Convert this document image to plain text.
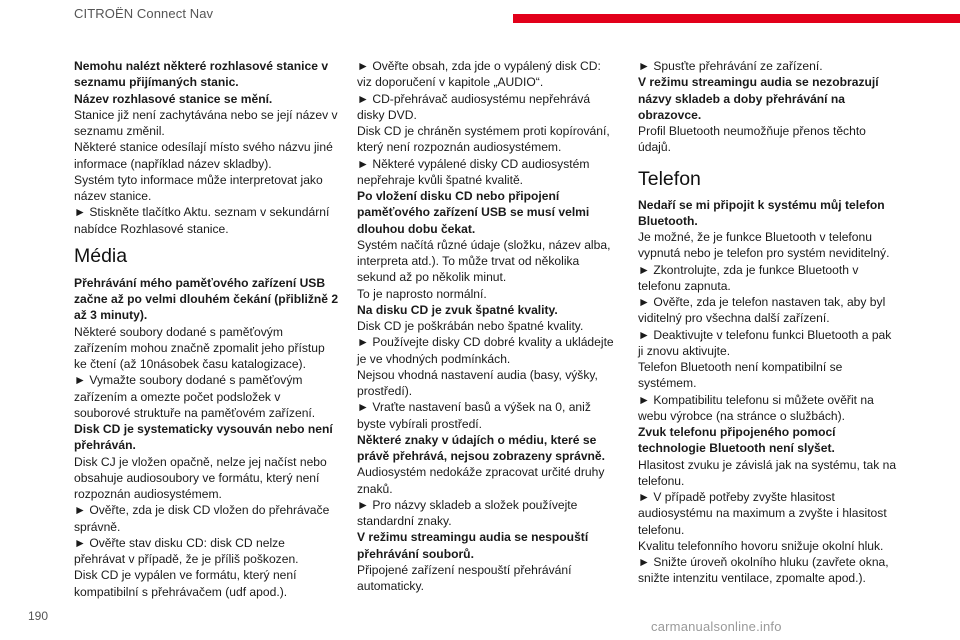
CITROËN Connect Nav

Nemohu nalézt některé rozhlasové stanice v seznamu přijímaných stanic.

Název rozhlasové stanice se mění.

Stanice již není zachytávána nebo se její název v seznamu změnil.

Některé stanice odesílají místo svého názvu jiné informace (například název skladby).

Systém tyto informace může interpretovat jako název stanice.

► Stiskněte tlačítko Aktu. seznam v sekundární nabídce Rozhlasové stanice.

Média

Přehrávání mého paměťového zařízení USB začne až po velmi dlouhém čekání (přibližně 2 až 3 minuty).

Některé soubory dodané s paměťovým zařízením mohou značně zpomalit jeho přístup ke čtení (až 10násobek času katalogizace).

► Vymažte soubory dodané s paměťovým zařízením a omezte počet podsložek v souborové struktuře na paměťovém zařízení.

Disk CD je systematicky vysouván nebo není přehráván.

Disk CJ je vložen opačně, nelze jej načíst nebo obsahuje audiosoubory ve formátu, který není rozpoznán audiosystémem.

► Ověřte, zda je disk CD vložen do přehrávače správně.

► Ověřte stav disku CD: disk CD nelze přehrávat v případě, že je příliš poškozen.

Disk CD je vypálen ve formátu, který není kompatibilní s přehrávačem (udf apod.).

► Ověřte obsah, zda jde o vypálený disk CD: viz doporučení v kapitole „AUDIO“.

► CD-přehrávač audiosystému nepřehrává disky DVD.

Disk CD je chráněn systémem proti kopírování, který není rozpoznán audiosystémem.

► Některé vypálené disky CD audiosystém nepřehraje kvůli špatné kvalitě.

Po vložení disku CD nebo připojení paměťového zařízení USB se musí velmi dlouhou dobu čekat.

Systém načítá různé údaje (složku, název alba, interpreta atd.). To může trvat od několika sekund až po několik minut.

To je naprosto normální.

Na disku CD je zvuk špatné kvality.

Disk CD je poškrábán nebo špatné kvality.

► Používejte disky CD dobré kvality a ukládejte je ve vhodných podmínkách.

Nejsou vhodná nastavení audia (basy, výšky, prostředí).

► Vraťte nastavení basů a výšek na 0, aniž byste vybírali prostředí.

Některé znaky v údajích o médiu, které se právě přehrává, nejsou zobrazeny správně.

Audiosystém nedokáže zpracovat určité druhy znaků.

► Pro názvy skladeb a složek používejte standardní znaky.

V režimu streamingu audia se nespouští přehrávání souborů.

Připojené zařízení nespouští přehrávání automaticky.

► Spusťte přehrávání ze zařízení.

V režimu streamingu audia se nezobrazují názvy skladeb a doby přehrávání na obrazovce.

Profil Bluetooth neumožňuje přenos těchto údajů.

Telefon

Nedaří se mi připojit k systému můj telefon Bluetooth.

Je možné, že je funkce Bluetooth v telefonu vypnutá nebo je telefon pro systém neviditelný.

► Zkontrolujte, zda je funkce Bluetooth v telefonu zapnuta.

► Ověřte, zda je telefon nastaven tak, aby byl viditelný pro všechna další zařízení.

► Deaktivujte v telefonu funkci Bluetooth a pak ji znovu aktivujte.

Telefon Bluetooth není kompatibilní se systémem.

► Kompatibilitu telefonu si můžete ověřit na webu výrobce (na stránce o službách).

Zvuk telefonu připojeného pomocí technologie Bluetooth není slyšet.

Hlasitost zvuku je závislá jak na systému, tak na telefonu.

► V případě potřeby zvyšte hlasitost audiosystému na maximum a zvyšte i hlasitost telefonu.

Kvalitu telefonního hovoru snižuje okolní hluk.

► Snižte úroveň okolního hluku (zavřete okna, snižte intenzitu ventilace, zpomalte apod.).

190
carmanualsonline.info
